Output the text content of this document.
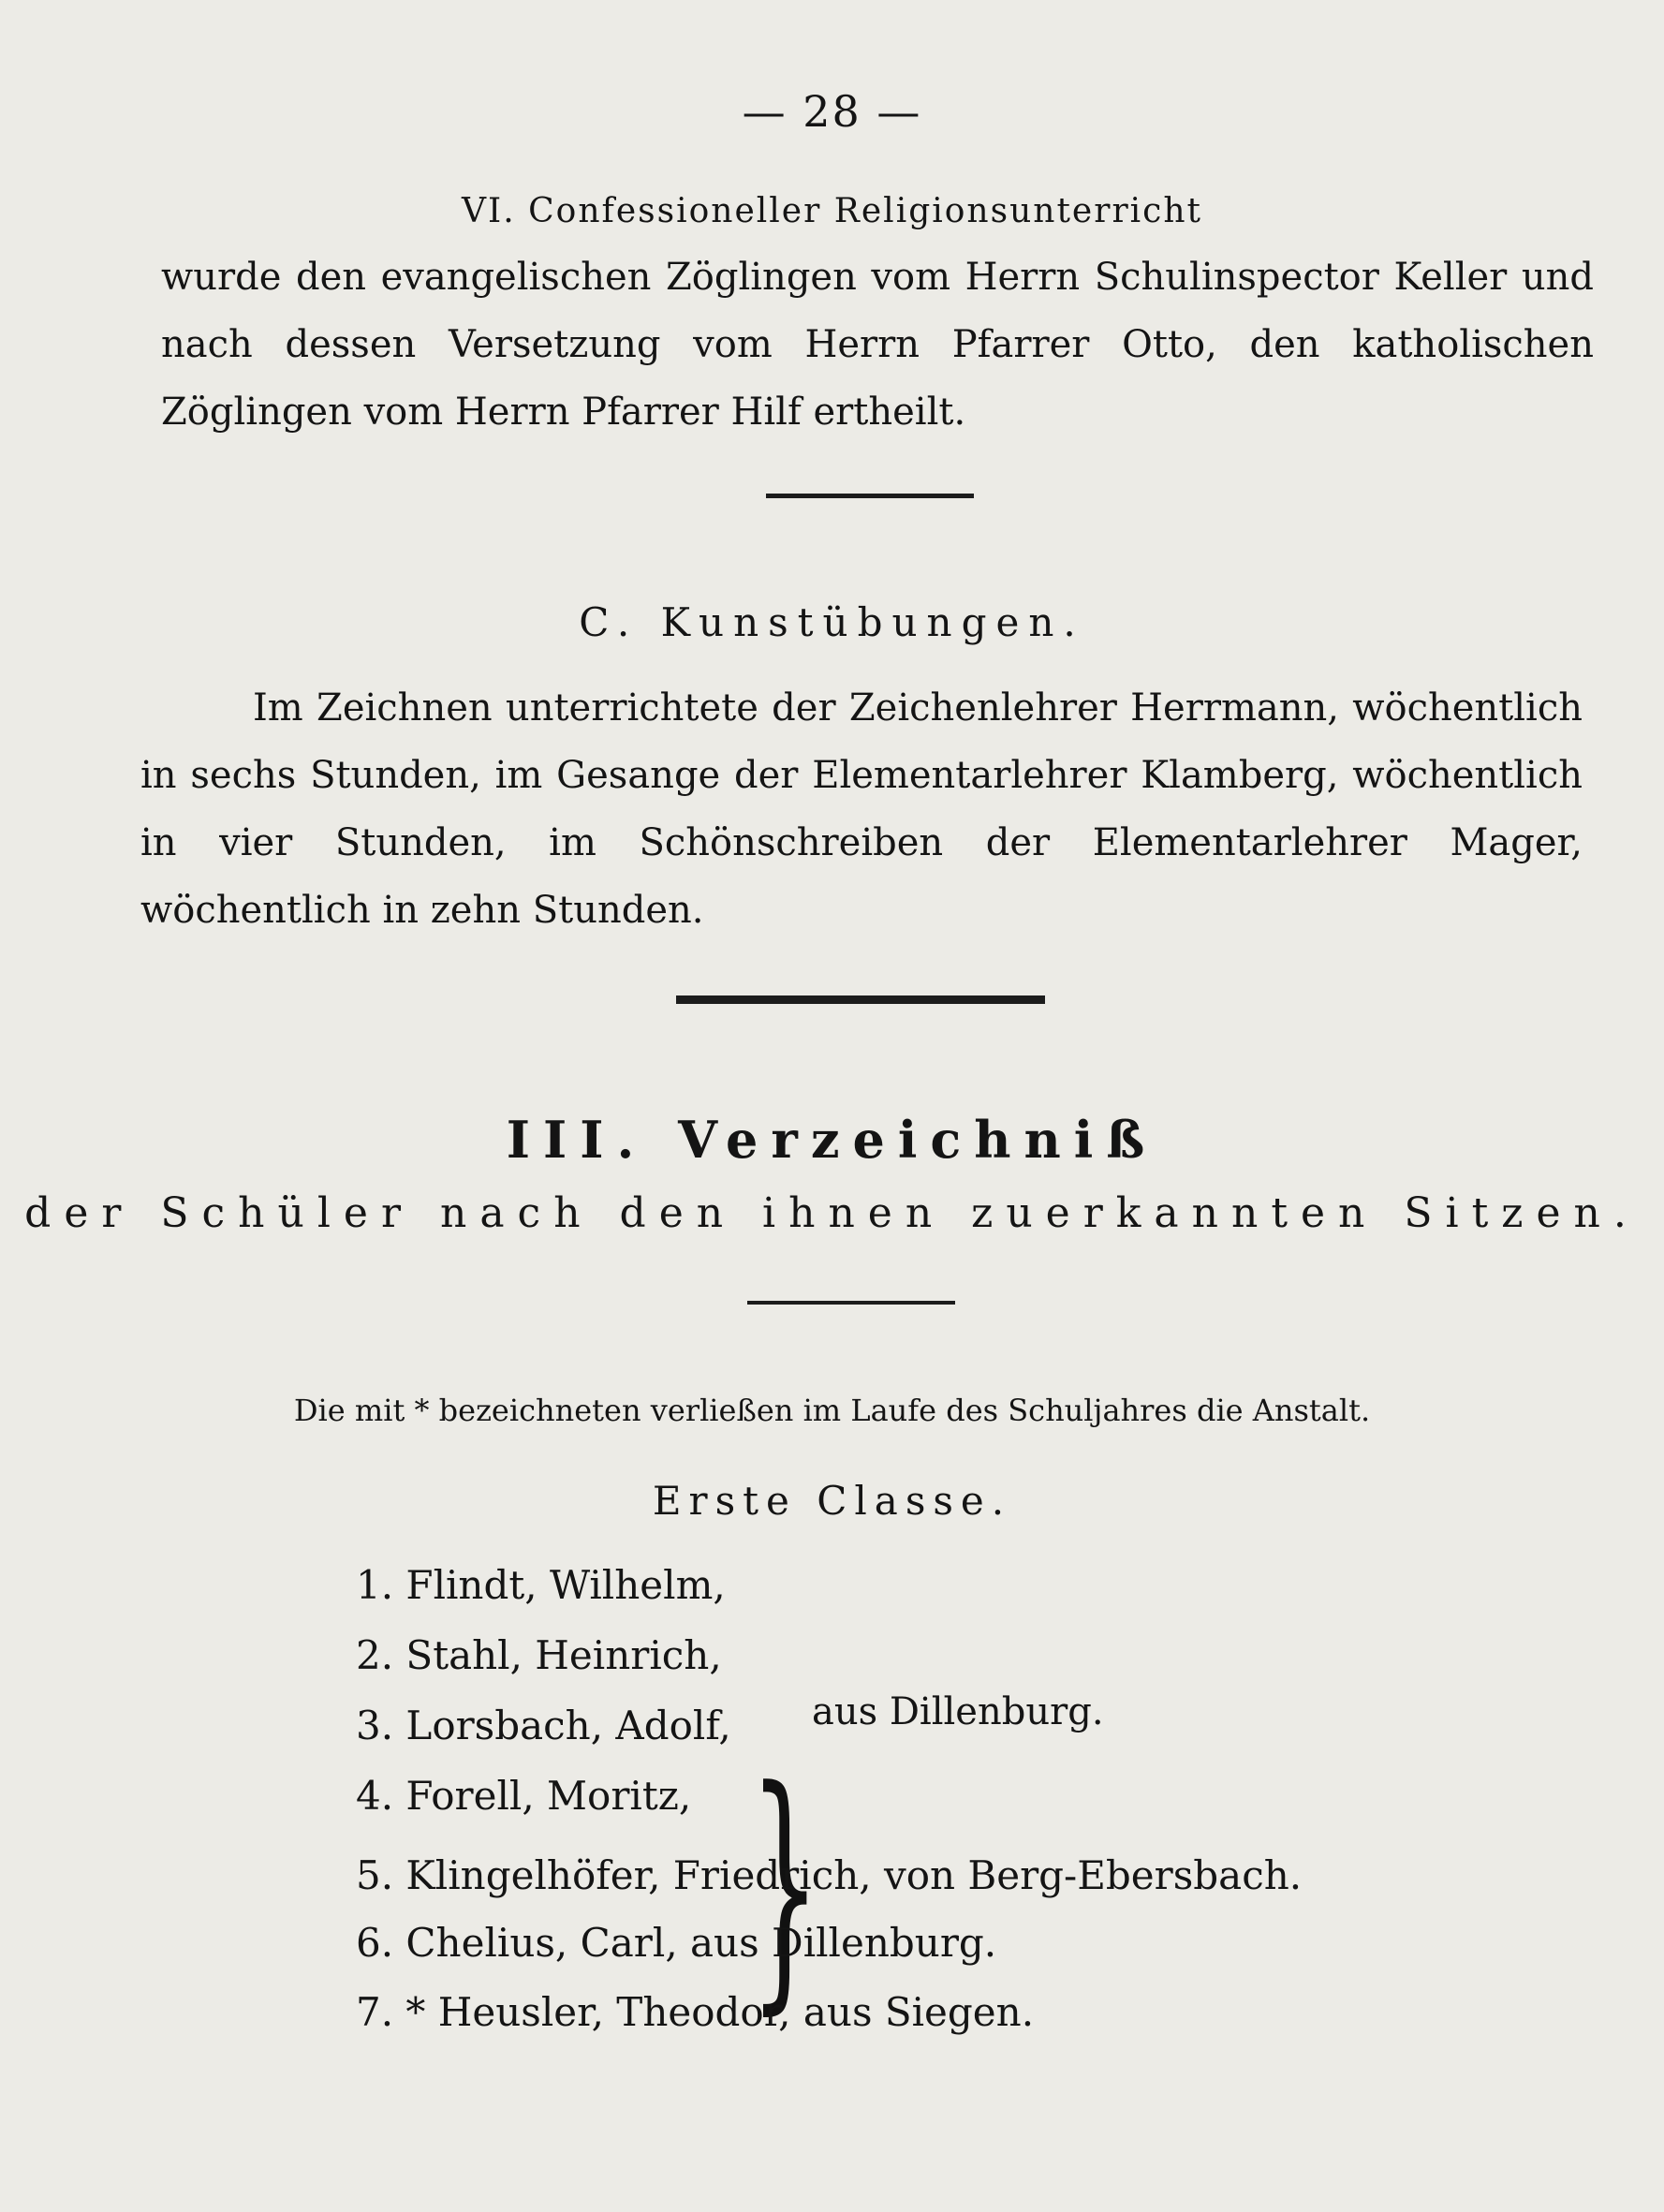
— 28 —
VI. Confessioneller Religionsunterricht
wurde den evangelischen Zöglingen vom Herrn Schulinspector Keller und nach dessen Versetzung vom Herrn Pfarrer Otto, den katholischen Zöglingen vom Herrn Pfarrer Hilf ertheilt.
C. Kunstübungen.
Im Zeichnen unterrichtete der Zeichenlehrer Herrmann, wöchentlich in sechs Stunden, im Gesange der Elementarlehrer Klamberg, wöchentlich in vier Stunden, im Schönschreiben der Elementarlehrer Mager, wöchentlich in zehn Stunden.
III. Verzeichniß
der Schüler nach den ihnen zuerkannten Sitzen.
Die mit * bezeichneten verließen im Laufe des Schuljahres die Anstalt.
Erste Classe.
1. Flindt, Wilhelm,
2. Stahl, Heinrich,
3. Lorsbach, Adolf,
4. Forell, Moritz, }
aus Dillenburg.
5. Klingelhöfer, Friedrich, von Berg-Ebersbach.
6. Chelius, Carl, aus Dillenburg.
7. * Heusler, Theodor, aus Siegen.
